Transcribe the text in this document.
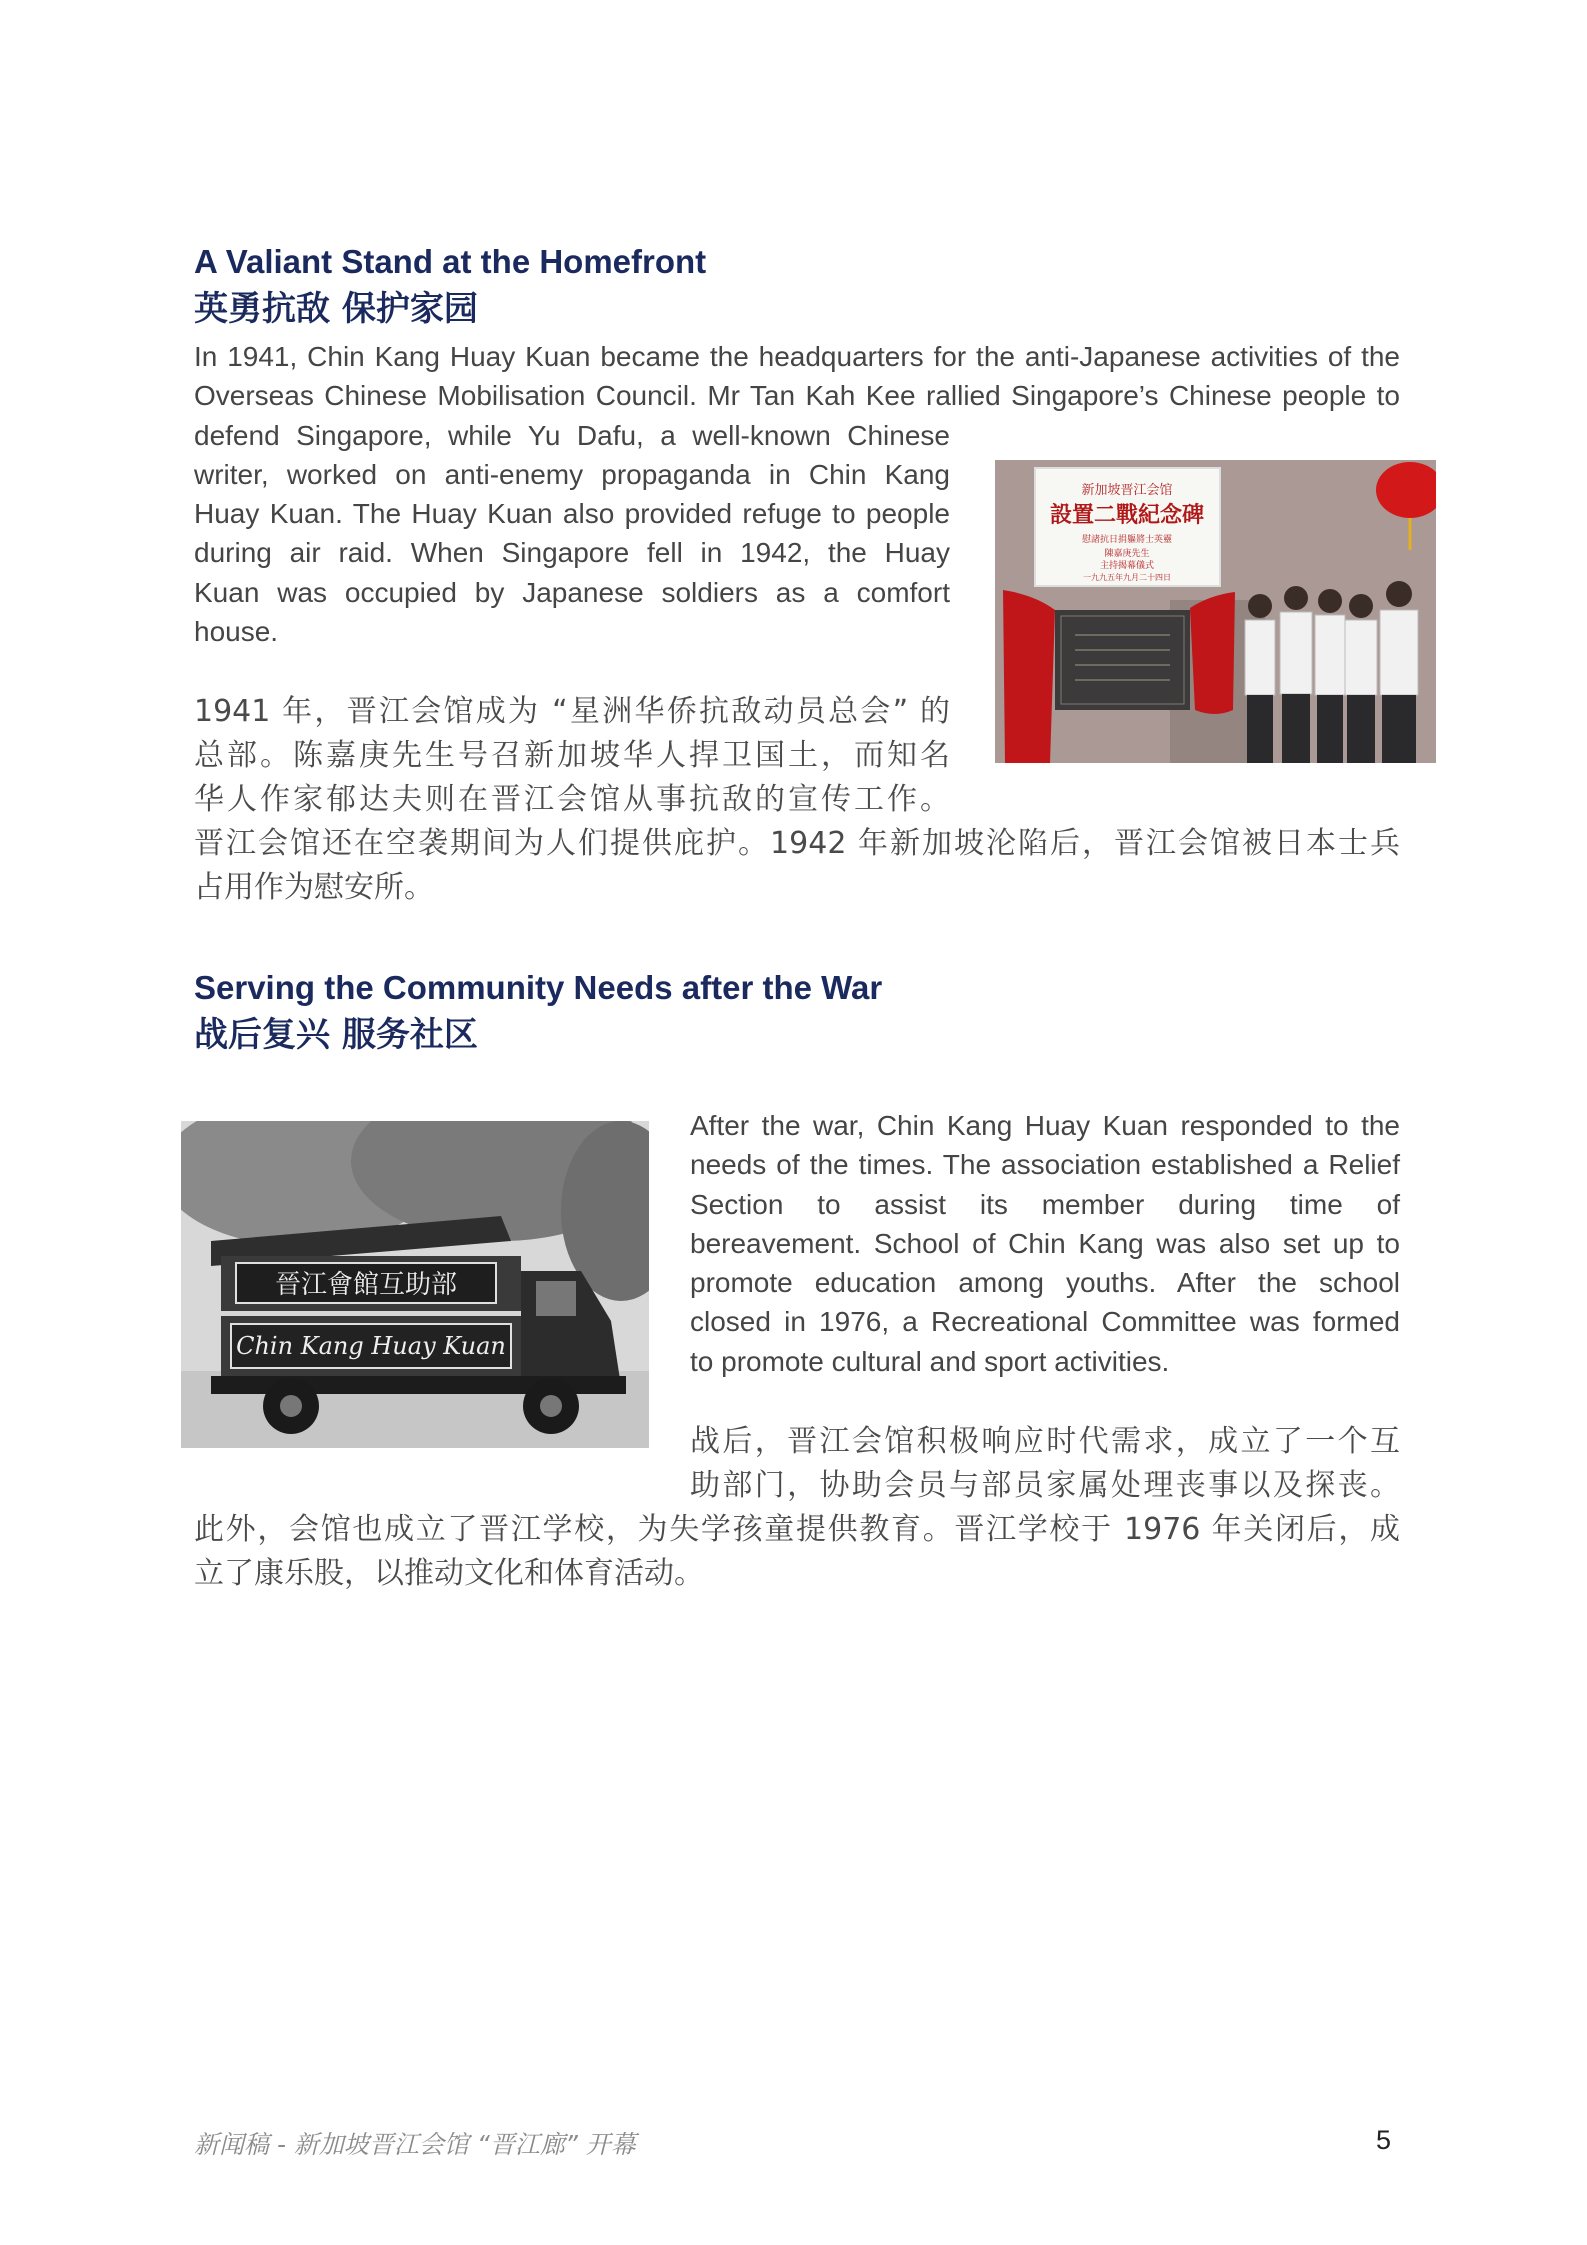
A Valiant Stand at the Homefront
英勇抗敌 保护家园
In 1941, Chin Kang Huay Kuan became the headquarters for the anti-Japanese activities of the
Overseas Chinese Mobilisation Council. Mr Tan Kah Kee rallied Singapore’s Chinese people to
defend Singapore, while Yu Dafu, a well-known Chinese
writer, worked on anti-enemy propaganda in Chin Kang
Huay Kuan. The Huay Kuan also provided refuge to people
during air raid. When Singapore fell in 1942, the Huay
Kuan was occupied by Japanese soldiers as a comfort
house.
新加坡晋江会馆
設置二戰紀念碑
慰諸抗日捐軀將士英靈
陳嘉庚先生
主持揭幕儀式
一九九五年九月二十四日
1941 年，晋江会馆成为 “星洲华侨抗敌动员总会” 的
总部。陈嘉庚先生号召新加坡华人捍卫国土，而知名
华人作家郁达夫则在晋江会馆从事抗敌的宣传工作。
晋江会馆还在空袭期间为人们提供庇护。1942 年新加坡沦陷后，晋江会馆被日本士兵
占用作为慰安所。
Serving the Community Needs after the War
战后复兴 服务社区
晉江會館互助部
Chin Kang Huay Kuan
After the war, Chin Kang Huay Kuan responded to the
needs of the times. The association established a Relief
Section to assist its member during time of
bereavement. School of Chin Kang was also set up to
promote education among youths. After the school
closed in 1976, a Recreational Committee was formed
to promote cultural and sport activities.
战后，晋江会馆积极响应时代需求，成立了一个互
助部门，协助会员与部员家属处理丧事以及探丧。
此外，会馆也成立了晋江学校，为失学孩童提供教育。晋江学校于 1976 年关闭后，成
立了康乐股，以推动文化和体育活动。
新闻稿 - 新加坡晋江会馆 “晋江廊” 开幕	5
